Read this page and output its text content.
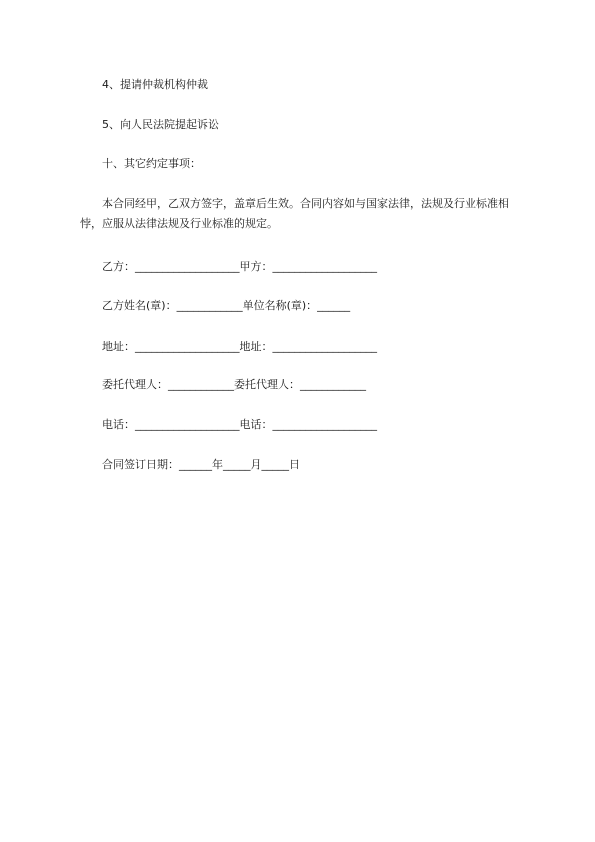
4、提请仲裁机构仲裁
5、向人民法院提起诉讼
十、其它约定事项：
本合同经甲，乙双方签字，盖章后生效。合同内容如与国家法律，法规及行业标准相悖，应服从法律法规及行业标准的规定。
乙方：___________________甲方：___________________
乙方姓名(章)：____________单位名称(章)：______
地址：___________________地址：___________________
委托代理人：____________委托代理人：____________
电话：___________________电话：___________________
合同签订日期：______年_____月_____日
